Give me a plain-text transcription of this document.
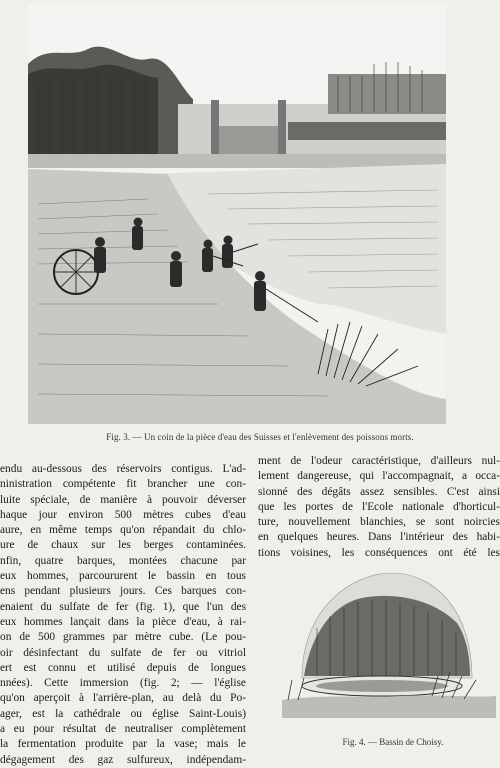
Fig. 3. — Un coin de la pièce d'eau des Suisses et l'enlèvement des poissons morts.
endu au-dessous des réservoirs contigus. L'ad-
ninistration compétente fit brancher une con-
luite spéciale, de manière à pouvoir déverser
haque jour environ 500 mètres cubes d'eau
aure, en même temps qu'on répandait du chlo-
ure de chaux sur les berges contaminées.
nfin, quatre barques, montées chacune par
eux hommes, parcoururent le bassin en tous
ens pendant plusieurs jours. Ces barques con-
enaient du sulfate de fer (fig. 1), que l'un des
eux hommes lançait dans la pièce d'eau, à rai-
on de 500 grammes par mètre cube. (Le pou-
oir désinfectant du sulfate de fer ou vitriol
ert est connu et utilisé depuis de longues
nnées). Cette immersion (fig. 2; — l'église
qu'on aperçoit à l'arrière-plan, au delà du Po-
ager, est la cathédrale ou église Saint-Louis)
a eu pour résultat de neutraliser complètement
la fermentation produite par la vase; mais le
dégagement des gaz sulfureux, indépendam-
ment de l'odeur caractéristique, d'ailleurs nul-
lement dangereuse, qui l'accompagnait, a occa-
sionné des dégâts assez sensibles. C'est ainsi
que les portes de l'Ecole nationale d'horticul-
ture, nouvellement blanchies, se sont noircies
en quelques heures. Dans l'intérieur des habi-
tions voisines, les conséquences ont été les
Fig. 4. — Bassin de Choisy.
